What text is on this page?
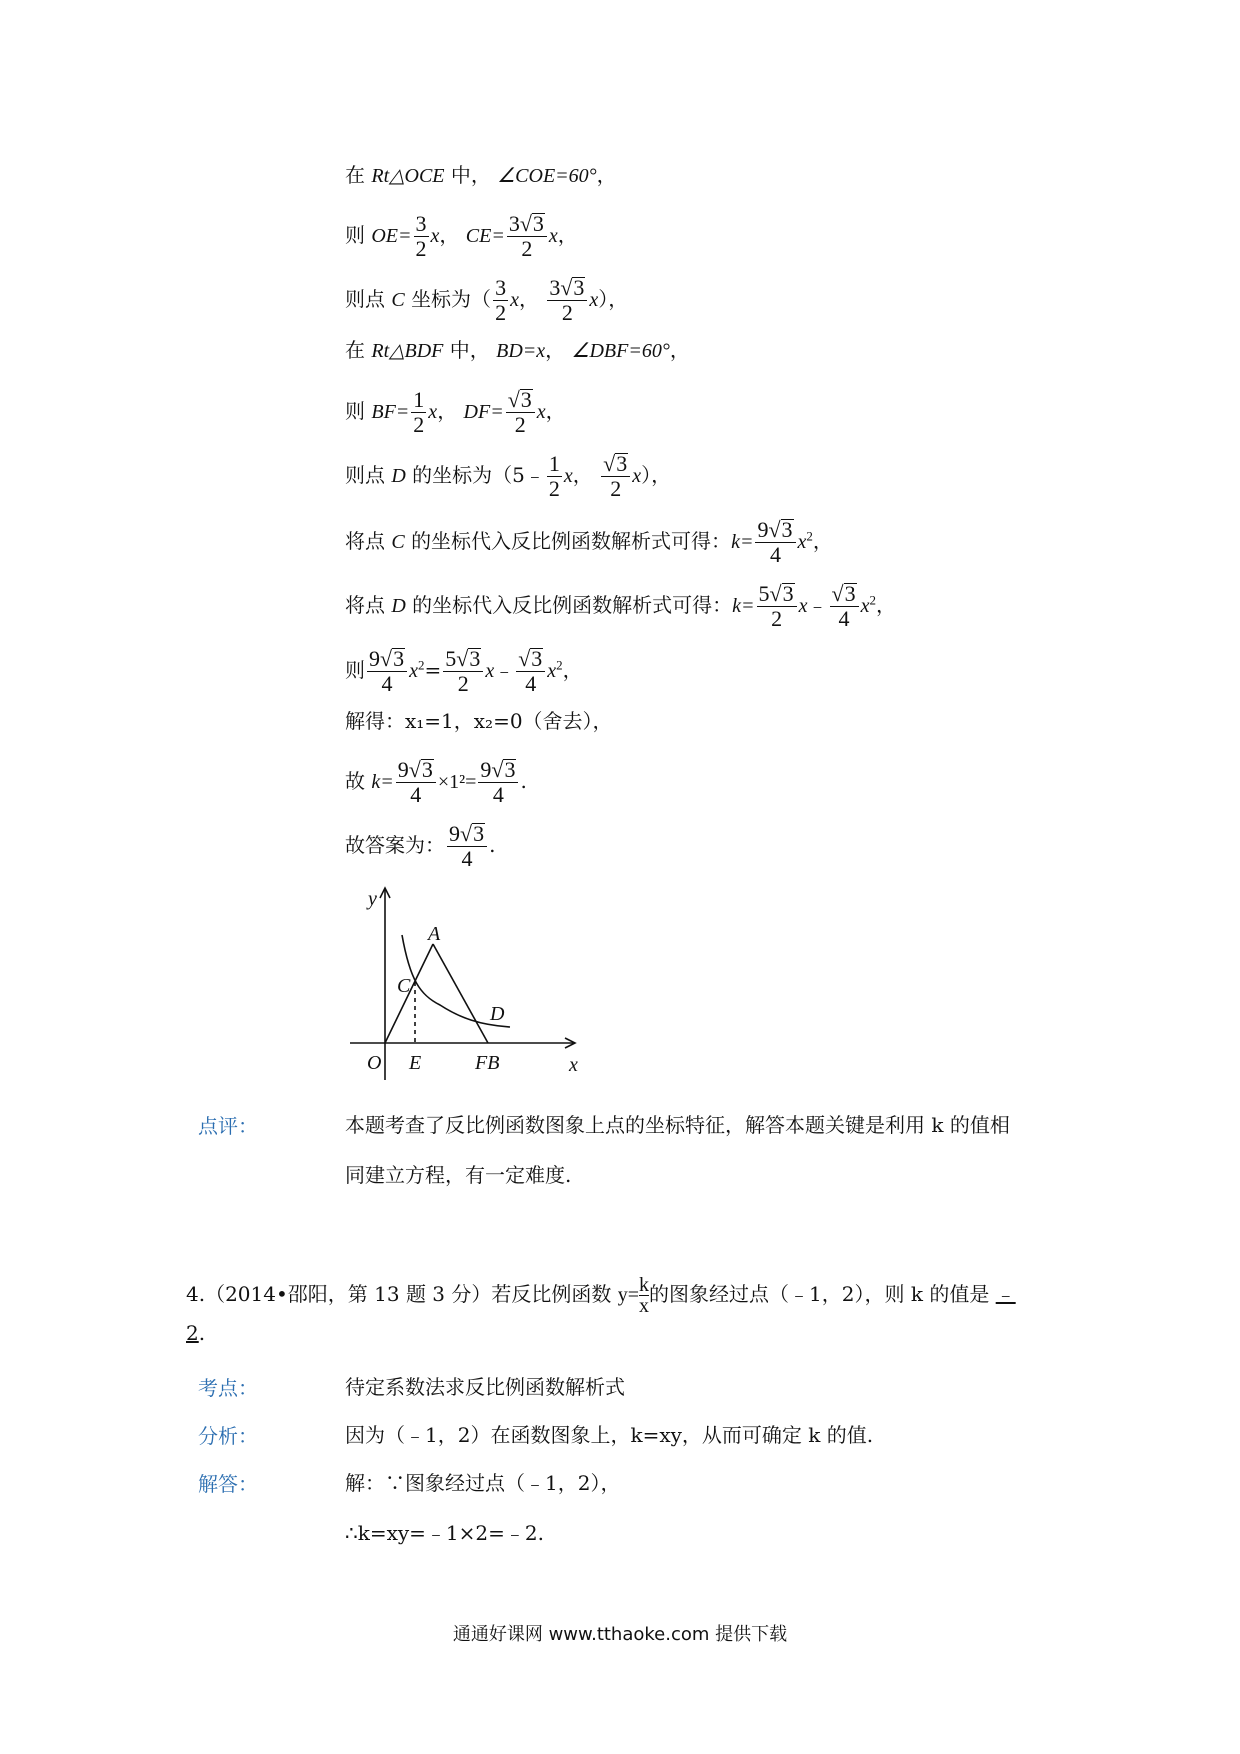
在 Rt△OCE 中， ∠COE=60°，
则 $OE= \frac{3}{2}$ x， $CE= \frac{3√3}{2}$ x，
则点 C 坐标为（ $\frac{3}{2}$ x， $\frac{3√3}{2} x$），
在 Rt△BDF 中， BD=x， ∠DBF=60°，
则 $BF= \frac{1}{2}$ x， $DF= \frac{√3}{2}$ x，
则点 D 的坐标为（5﹣ $\frac{1}{2}$ x， $\frac{√3}{2} x$），
将点 C 的坐标代入反比例函数解析式可得：$k= \frac{9√3}{4} x^2$，
将点 D 的坐标代入反比例函数解析式可得：$k= \frac{5√3}{2}$ x﹣ $\frac{√3}{4} x^2$，
则 $\frac{9√3}{4} x^2= \frac{5√3}{2}$ x﹣ $\frac{√3}{4} x^2$，
解得：x₁=1，x₂=0（舍去），
故 $k= \frac{9√3}{4} \times 1^2= \frac{9√3}{4}$ .
故答案为： $\frac{9√3}{4}$ .
y
x
O
A
C
D
E	FB
点评：	本题考查了反比例函数图象上点的坐标特征，解答本题关键是利用 k 的值相
同建立方程，有一定难度.
4.（2014•邵阳，第 13 题 3 分）若反比例函数 $y= \frac{k}{x}$ 的图象经过点（﹣1，2），则 k 的值是 ﹣
2.
考点：	待定系数法求反比例函数解析式
分析：	因为（﹣1，2）在函数图象上，k=xy，从而可确定 k 的值.
解答：	解：∵图象经过点（﹣1，2），
∴k=xy=﹣1×2=﹣2.
通通好课网 www.tthaoke.com 提供下载
